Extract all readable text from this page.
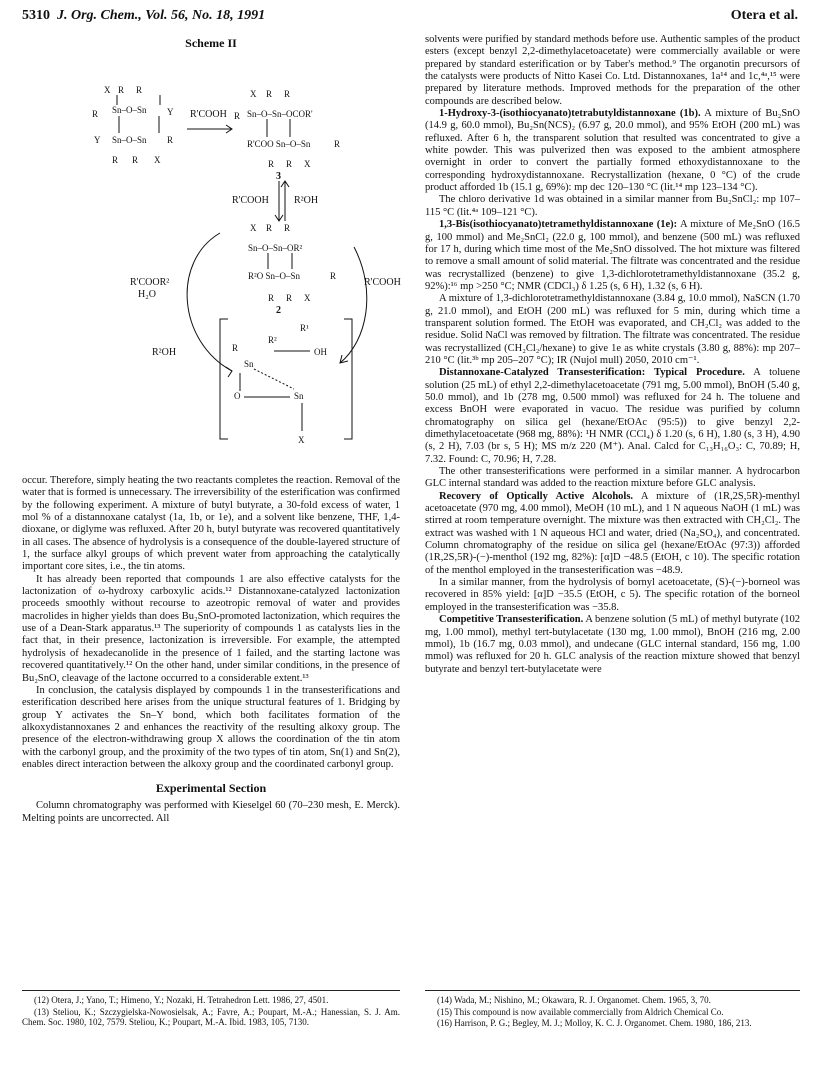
5310 J. Org. Chem., Vol. 56, No. 18, 1991	Otera et al.
Scheme II
Sn–O–Sn
Sn–O–Sn
X R R
R	Y
Y	R
R R X
Sn–O–Sn–OCOR'
R'COO Sn–O–Sn
X R R
R
R
R R X
Sn–O–Sn–OR²
R²O Sn–O–Sn
X R R
R
R R X
R
Sn
R²
R¹
OH
Sn
O
X
R'COOH
3
R'COOH	R²OH
2
R'COOH
R'COOR²
H₂O
R²OH

occur. Therefore, simply heating the two reactants completes the reaction. Removal of the water that is formed is unnecessary. The irreversibility of the esterification was confirmed by the following experiment. A mixture of butyl butyrate, a 30-fold excess of water, 1 mol % of a distannoxane catalyst (1a, 1b, or 1e), and a solvent like benzene, THF, 1,4-dioxane, or diglyme was refluxed. After 20 h, butyl butyrate was recovered quantitatively in all cases. The absence of hydrolysis is a consequence of the double-layered structure of 1, the surface alkyl groups of which prevent water from approaching the catalytically important core sites, i.e., the tin atoms.

It has already been reported that compounds 1 are also effective catalysts for the lactonization of ω-hydroxy carboxylic acids.¹² Distannoxane-catalyzed lactonization proceeds smoothly without recourse to azeotropic removal of water and provides macrolides in higher yields than does Bu₂SnO-promoted lactonization, which requires the use of a Dean-Stark apparatus.¹³ The superiority of compounds 1 as catalysts lies in the fact that, in their presence, lactonization is irreversible. For example, the attempted hydrolysis of hexadecanolide in the presence of 1 failed, and the starting lactone was recovered quantitatively.¹² On the other hand, under similar conditions, in the presence of Bu₂SnO, cleavage of the lactone occurred to a considerable extent.¹³

In conclusion, the catalysis displayed by compounds 1 in the transesterifications and esterification described here arises from the unique structural features of 1. Bridging by group Y activates the Sn–Y bond, which both facilitates formation of the alkoxydistannoxanes 2 and enhances the reactivity of the resulting alkoxy group. The presence of the electron-withdrawing group X allows the coordination of the tin atom with the carbonyl group, and the proximity of the two types of tin atom, Sn(1) and Sn(2), enables direct interaction between the alkoxy group and the coordinated carbonyl group.

Experimental Section

Column chromatography was performed with Kieselgel 60 (70–230 mesh, E. Merck). Melting points are uncorrected. All

solvents were purified by standard methods before use. Authentic samples of the product esters (except benzyl 2,2-dimethylacetoacetate) were commercially available or were prepared by standard esterification or by Taber's method.⁹ The organotin precursors of the catalysts were products of Nitto Kasei Co. Ltd. Distannoxanes, 1a¹⁴ and 1c,⁴ᵃ,¹⁵ were prepared by literature methods. Improved methods for the preparation of the other compounds are described below.

1-Hydroxy-3-(isothiocyanato)tetrabutyldistannoxane (1b). A mixture of Bu₂SnO (14.9 g, 60.0 mmol), Bu₂Sn(NCS)₂ (6.97 g, 20.0 mmol), and 95% EtOH (200 mL) was refluxed. After 6 h, the transparent solution that resulted was concentrated to give a white powder. This was pulverized then was exposed to the ambient atmosphere overnight in order to convert the partially formed ethoxydistannoxane to the corresponding hydroxydistannoxane. Recrystallization (hexane, 0 °C) of the crude product afforded 1b (15.1 g, 69%): mp dec 120–130 °C (lit.¹⁴ mp 123–134 °C).

The chloro derivative 1d was obtained in a similar manner from Bu₂SnCl₂: mp 107–115 °C (lit.⁴ᵃ 109–121 °C).

1,3-Bis(isothiocyanato)tetramethyldistannoxane (1e): A mixture of Me₂SnO (16.5 g, 100 mmol) and Me₂SnCl₂ (22.0 g, 100 mmol), and benzene (500 mL) was refluxed for 17 h, during which time most of the Me₂SnO dissolved. The hot mixture was filtered to remove a small amount of solid material. The filtrate was concentrated and the residue was recrystallized (benzene) to give 1,3-dichlorotetramethyldistannoxane (35.2 g, 92%):¹⁶ mp >250 °C; NMR (CDCl₃) δ 1.25 (s, 6 H), 1.32 (s, 6 H).

A mixture of 1,3-dichlorotetramethyldistannoxane (3.84 g, 10.0 mmol), NaSCN (1.70 g, 21.0 mmol), and EtOH (200 mL) was refluxed for 5 min, during which time a transparent solution formed. The EtOH was evaporated, and CH₂Cl₂ was added to the residue. Solid NaCl was removed by filtration. The filtrate was concentrated. The residue was recrystallized (CH₂Cl₂/hexane) to give 1e as white crystals (3.80 g, 88%): mp 207–210 °C (lit.³ᵇ mp 205–207 °C); IR (Nujol mull) 2050, 2010 cm⁻¹.

Distannoxane-Catalyzed Transesterification: Typical Procedure. A toluene solution (25 mL) of ethyl 2,2-dimethylacetoacetate (791 mg, 5.00 mmol), BnOH (5.40 g, 50.0 mmol), and 1b (278 mg, 0.500 mmol) was refluxed for 24 h. The toluene and excess BnOH were evaporated in vacuo. The residue was purified by column chromatography on silica gel (hexane/EtOAc (95:5)) to give benzyl 2,2-dimethylacetoacetate (968 mg, 88%): ¹H NMR (CCl₄) δ 1.20 (s, 6 H), 1.80 (s, 3 H), 4.90 (s, 2 H), 7.03 (br s, 5 H); MS m/z 220 (M⁺). Anal. Calcd for C₁₃H₁₆O₃: C, 70.89; H, 7.32. Found: C, 70.96; H, 7.28.

The other transesterifications were performed in a similar manner. A hydrocarbon GLC internal standard was added to the reaction mixture before GLC analysis.

Recovery of Optically Active Alcohols. A mixture of (1R,2S,5R)-menthyl acetoacetate (970 mg, 4.00 mmol), MeOH (10 mL), and 1 N aqueous NaOH (1 mL) was stirred at room temperature overnight. The mixture was then extracted with CH₂Cl₂. The extract was washed with 1 N aqueous HCl and water, dried (Na₂SO₄), and concentrated. Column chromatography of the residue on silica gel (hexane/EtOAc (97:3)) afforded (1R,2S,5R)-(−)-menthol (192 mg, 82%): [α]D −48.5 (EtOH, c 10). The specific rotation of the menthol employed in the transesterification was −48.9.

In a similar manner, from the hydrolysis of bornyl acetoacetate, (S)-(−)-borneol was recovered in 85% yield: [α]D −35.5 (EtOH, c 5). The specific rotation of the borneol employed in the transesterification was −35.8.

Competitive Transesterification. A benzene solution (5 mL) of methyl butyrate (102 mg, 1.00 mmol), methyl tert-butylacetate (130 mg, 1.00 mmol), BnOH (216 mg, 2.00 mmol), 1b (16.7 mg, 0.03 mmol), and undecane (GLC internal standard, 156 mg, 1.00 mmol) was refluxed for 20 h. GLC analysis of the reaction mixture showed that benzyl butyrate and benzyl tert-butylacetate were

(12) Otera, J.; Yano, T.; Himeno, Y.; Nozaki, H. Tetrahedron Lett. 1986, 27, 4501.

(13) Steliou, K.; Szczygielska-Nowosielsak, A.; Favre, A.; Poupart, M.-A.; Hanessian, S. J. Am. Chem. Soc. 1980, 102, 7579. Steliou, K.; Poupart, M.-A. Ibid. 1983, 105, 7130.

(14) Wada, M.; Nishino, M.; Okawara, R. J. Organomet. Chem. 1965, 3, 70.

(15) This compound is now available commercially from Aldrich Chemical Co.

(16) Harrison, P. G.; Begley, M. J.; Molloy, K. C. J. Organomet. Chem. 1980, 186, 213.
